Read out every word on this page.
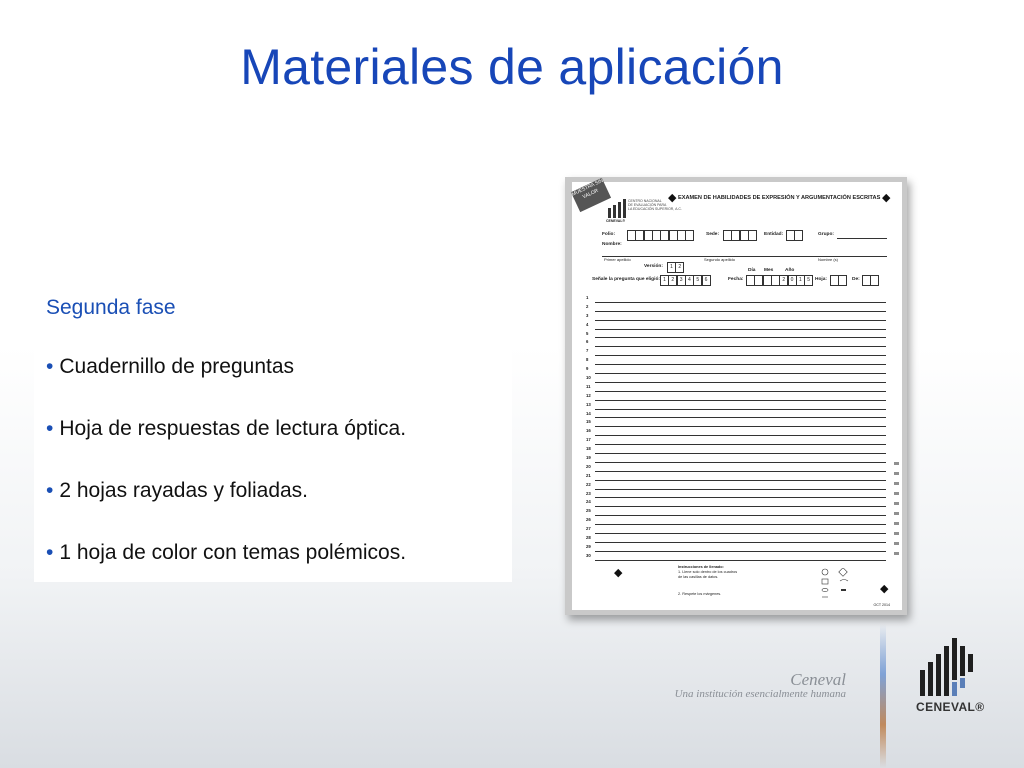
Materiales de aplicación
Segunda fase
• Cuadernillo de preguntas
• Hoja de respuestas de lectura óptica.
• 2 hojas rayadas y foliadas.
• 1 hoja de color con temas polémicos.
MUESTRA SIN VALOR	◆	◆
◆
◆
EXAMEN DE HABILIDADES DE EXPRESIÓN Y ARGUMENTACIÓN ESCRITAS
CENTRO NACIONAL
DE EVALUACIÓN PARA
LA EDUCACIÓN SUPERIOR, A.C.
CENEVAL®
Folio:	Sede:	Entidad:	Grupo:
Nombre:
Primer apellido	Segundo apellido	Nombre (s)
Versión:	1	2
Día Mes Año
Señale la pregunta que eligió: 1	2	3	4	5	6	Fecha:	2	0	1	5	Hoja:	De:
1
2
3
4
5
6
7
8
9
10
11
12
13
14
15
16
17
18
19
20
21
22
23
24
25
26
27
28
29
30
Instrucciones de llenado:
1. Llene solo dentro de los cuadros
de las casillas de datos.
2. Respete los márgenes.
OCT 2014
Ceneval
Una institución esencialmente humana
CENEVAL®
